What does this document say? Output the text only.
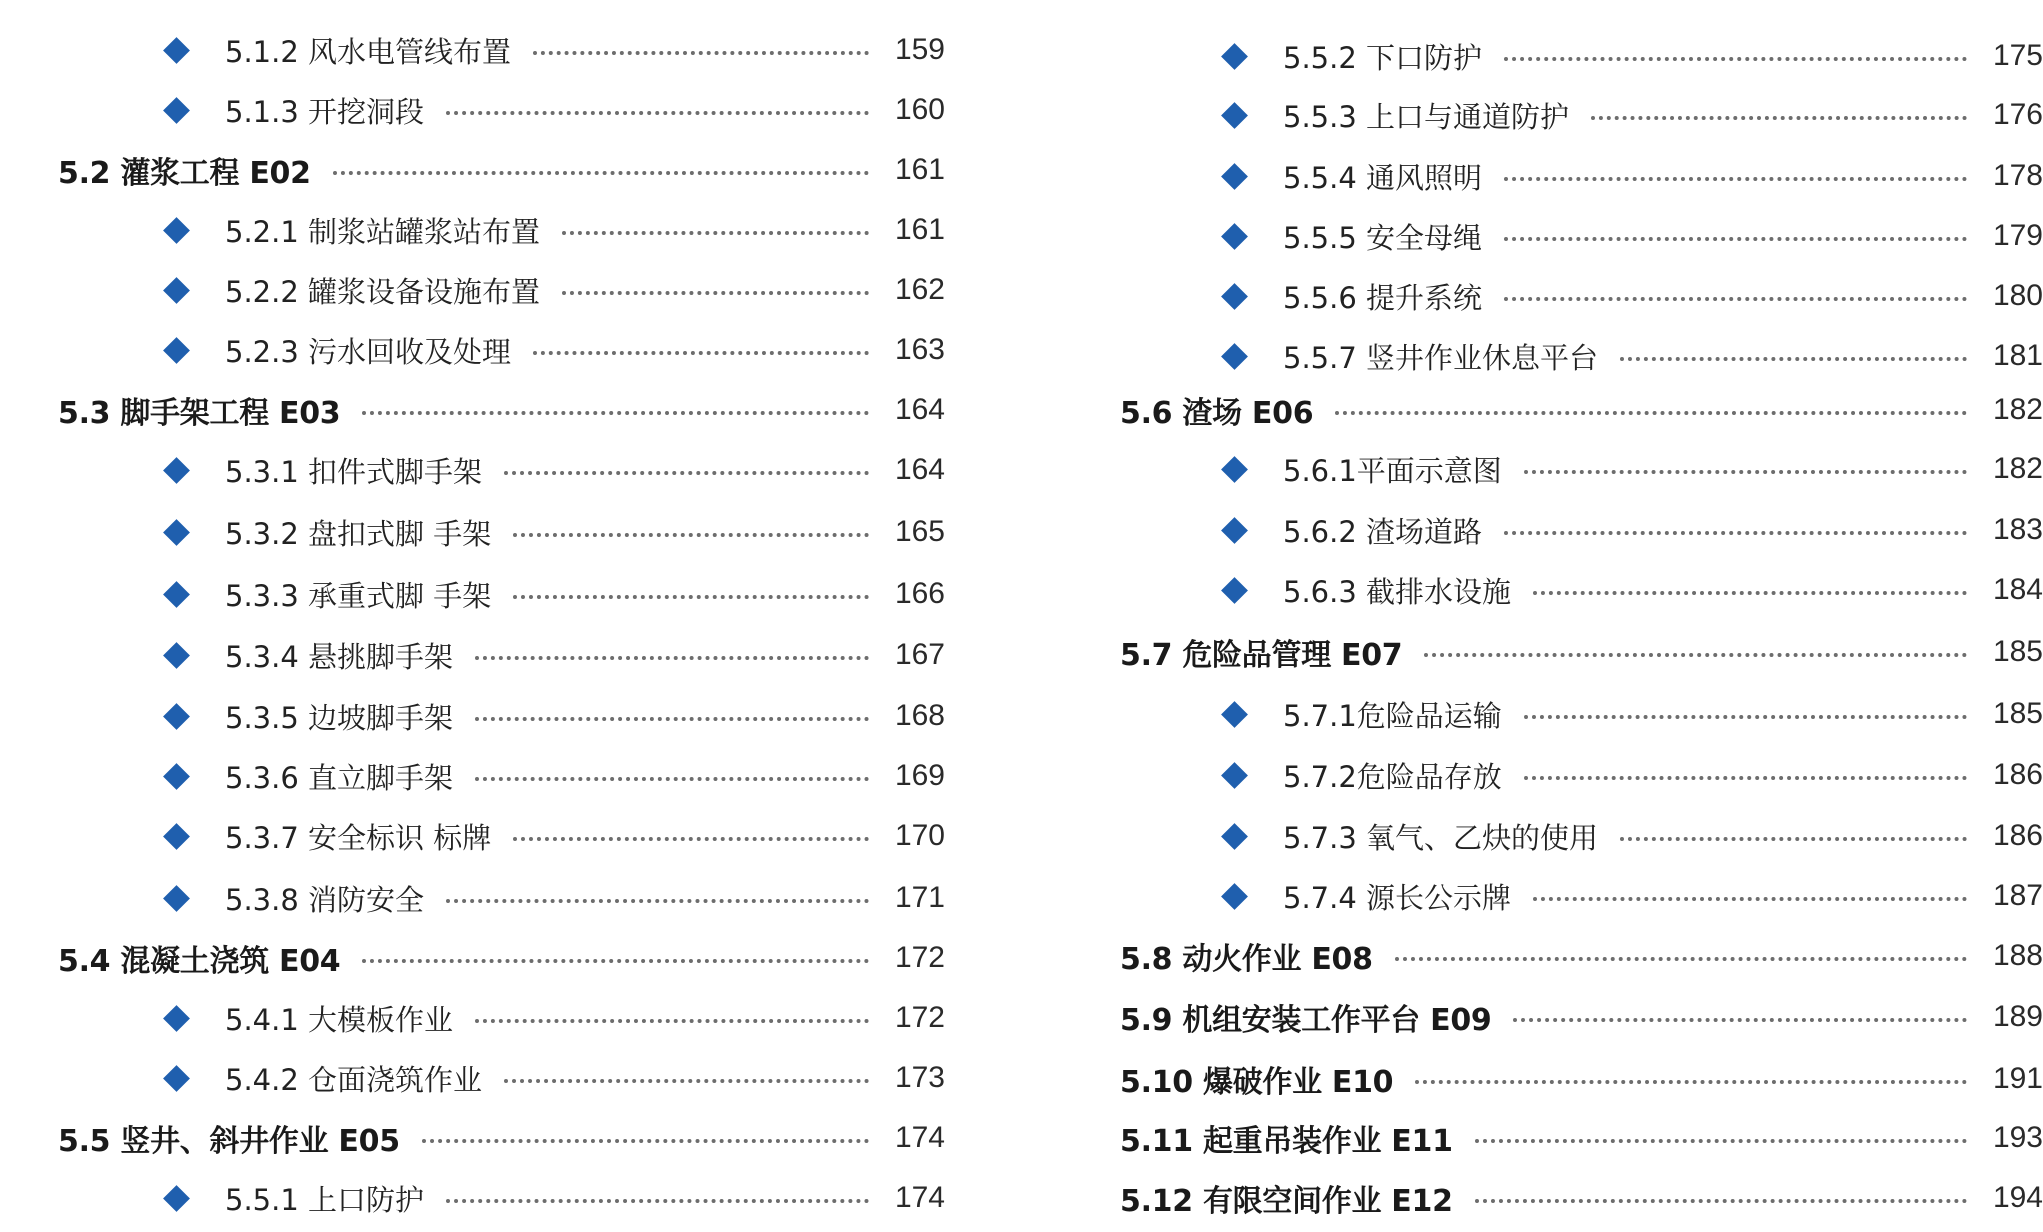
5.1.2 风水电管线布置	159
5.1.3 开挖洞段	160
5.2 灌浆工程 E02	161
5.2.1 制浆站罐浆站布置	161
5.2.2 罐浆设备设施布置	162
5.2.3 污水回收及处理	163
5.3 脚手架工程 E03	164
5.3.1 扣件式脚手架	164
5.3.2 盘扣式脚 手架	165
5.3.3 承重式脚 手架	166
5.3.4 悬挑脚手架	167
5.3.5 边坡脚手架	168
5.3.6 直立脚手架	169
5.3.7 安全标识 标牌	170
5.3.8 消防安全	171
5.4 混凝土浇筑 E04	172
5.4.1 大模板作业	172
5.4.2 仓面浇筑作业	173
5.5 竖井、斜井作业 E05	174
5.5.1 上口防护	174
5.5.2 下口防护	175
5.5.3 上口与通道防护	176
5.5.4 通风照明	178
5.5.5 安全母绳	179
5.5.6 提升系统	180
5.5.7 竖井作业休息平台	181
5.6 渣场 E06	182
5.6.1平面示意图	182
5.6.2 渣场道路	183
5.6.3 截排水设施	184
5.7 危险品管理 E07	185
5.7.1危险品运输	185
5.7.2危险品存放	186
5.7.3 氧气、乙炔的使用	186
5.7.4 源长公示牌	187
5.8 动火作业 E08	188
5.9 机组安装工作平台 E09	189
5.10 爆破作业 E10	191
5.11 起重吊装作业 E11	193
5.12 有限空间作业 E12	194
